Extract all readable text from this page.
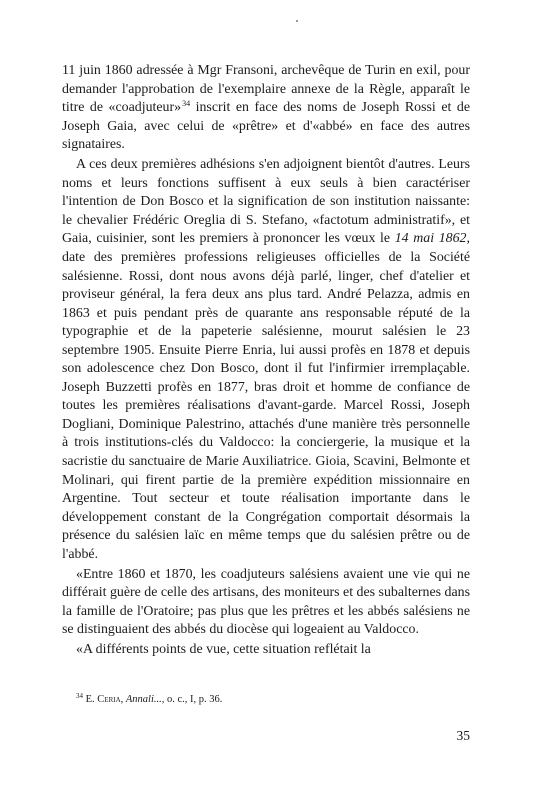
11 juin 1860 adressée à Mgr Fransoni, archevêque de Turin en exil, pour demander l'approbation de l'exemplaire annexe de la Règle, apparaît le titre de «coadjuteur»$^{34}$ inscrit en face des noms de Joseph Rossi et de Joseph Gaia, avec celui de «prêtre» et d'«abbé» en face des autres signataires.

A ces deux premières adhésions s'en adjoignent bientôt d'autres. Leurs noms et leurs fonctions suffisent à eux seuls à bien caractériser l'intention de Don Bosco et la signification de son institution naissante: le chevalier Frédéric Oreglia di S. Stefano, «factotum administratif», et Gaia, cuisinier, sont les premiers à prononcer les vœux le 14 mai 1862, date des premières professions religieuses officielles de la Société salésienne. Rossi, dont nous avons déjà parlé, linger, chef d'atelier et proviseur général, la fera deux ans plus tard. André Pelazza, admis en 1863 et puis pendant près de quarante ans responsable réputé de la typographie et de la papeterie salésienne, mourut salésien le 23 septembre 1905. Ensuite Pierre Enria, lui aussi profès en 1878 et depuis son adolescence chez Don Bosco, dont il fut l'infirmier irremplaçable. Joseph Buzzetti profès en 1877, bras droit et homme de confiance de toutes les premières réalisations d'avant-garde. Marcel Rossi, Joseph Dogliani, Dominique Palestrino, attachés d'une manière très personnelle à trois institutions-clés du Valdocco: la conciergerie, la musique et la sacristie du sanctuaire de Marie Auxiliatrice. Gioia, Scavini, Belmonte et Molinari, qui firent partie de la première expédition missionnaire en Argentine. Tout secteur et toute réalisation importante dans le développement constant de la Congrégation comportait désormais la présence du salésien laïc en même temps que du salésien prêtre ou de l'abbé.

«Entre 1860 et 1870, les coadjuteurs salésiens avaient une vie qui ne différait guère de celle des artisans, des moniteurs et des subalternes dans la famille de l'Oratoire; pas plus que les prêtres et les abbés salésiens ne se distinguaient des abbés du diocèse qui logeaient au Valdocco.

«A différents points de vue, cette situation reflétait la

$^{34}$ E. Ceria, Annali..., o. c., I, p. 36.
35
